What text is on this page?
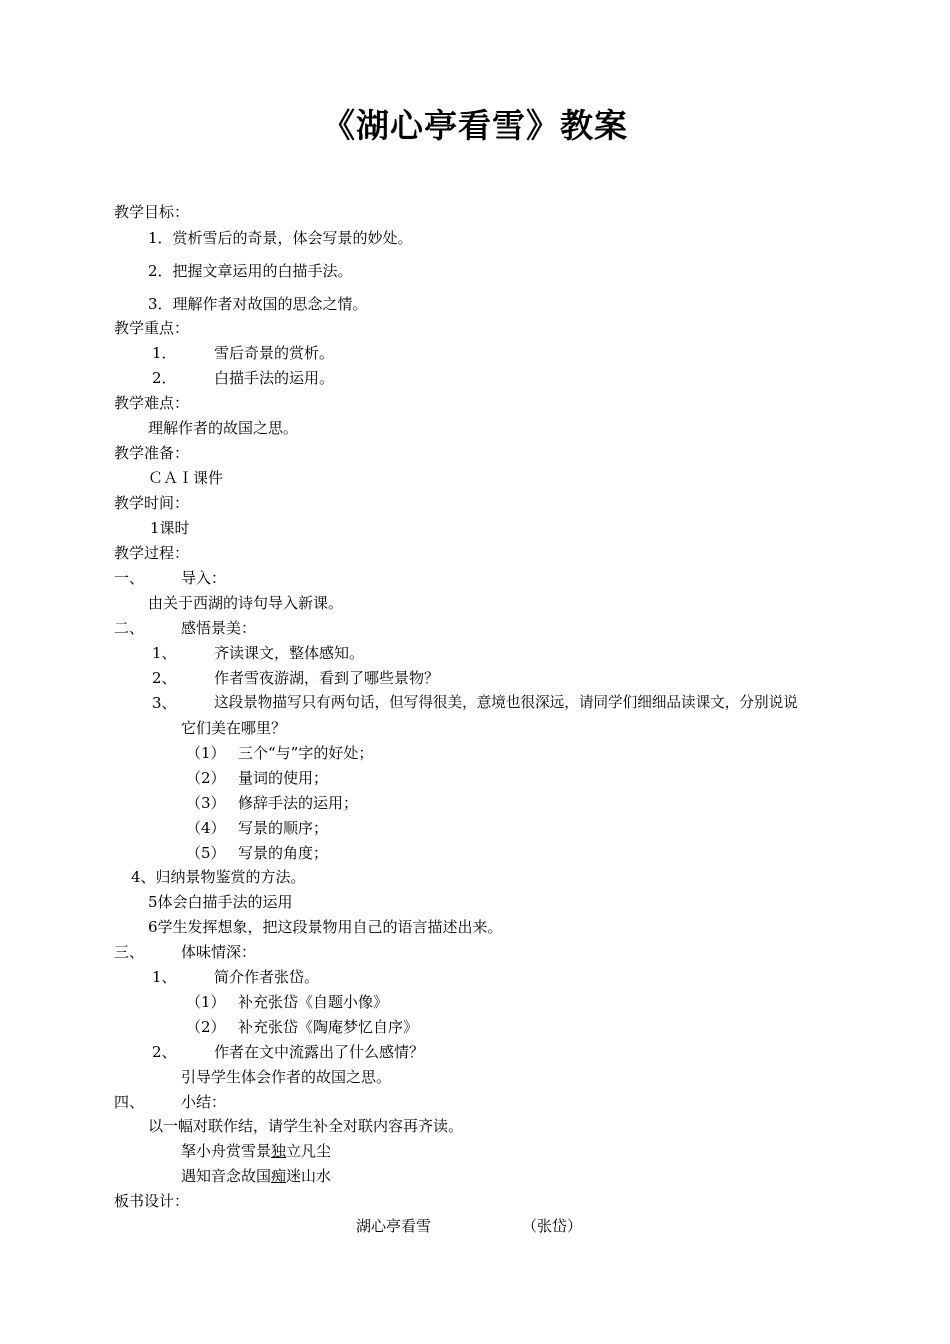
《湖心亭看雪》教案
教学目标：
1．赏析雪后的奇景，体会写景的妙处。
2．把握文章运用的白描手法。
3．理解作者对故国的思念之情。
教学重点：
1． 雪后奇景的赏析。
2． 白描手法的运用。
教学难点：
理解作者的故国之思。
教学准备：
ＣＡＩ课件
教学时间：
1课时
教学过程：
一、 导入：
由关于西湖的诗句导入新课。
二、 感悟景美：
1、 齐读课文，整体感知。
2、 作者雪夜游湖，看到了哪些景物？
3、	这段景物描写只有两句话，但写得很美，意境也很深远，请同学们细细品读课文，分别说说
它们美在哪里？
（1） 三个“与”字的好处；
（2） 量词的使用；
（3） 修辞手法的运用；
（4） 写景的顺序；
（5） 写景的角度；
4、归纳景物鉴赏的方法。
5体会白描手法的运用
6学生发挥想象，把这段景物用自己的语言描述出来。
三、 体味情深：
1、 简介作者张岱。
（1） 补充张岱《自题小像》
（2） 补充张岱《陶庵梦忆自序》
2、 作者在文中流露出了什么感情？
引导学生体会作者的故国之思。
四、 小结：
以一幅对联作结，请学生补全对联内容再齐读。
拏小舟赏雪景独立凡尘
遇知音念故国痴迷山水
板书设计：
湖心亭看雪	（张岱）
